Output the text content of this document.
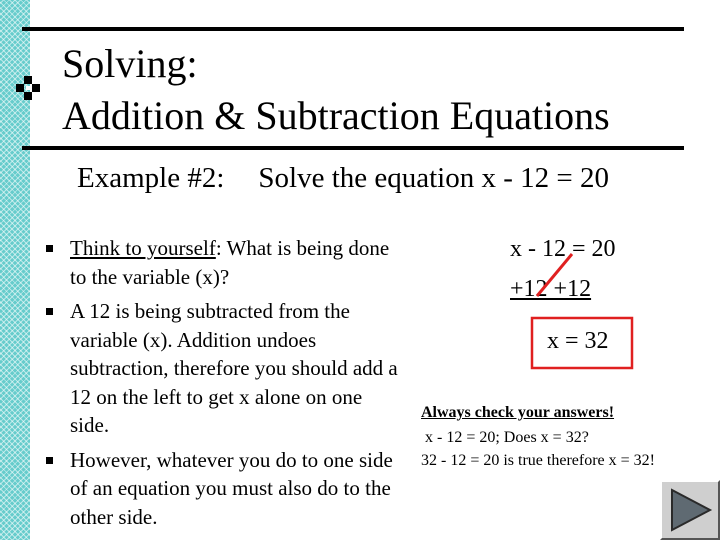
Solving:
Addition & Subtraction Equations
Example #2: Solve the equation x - 12 = 20
Think to yourself: What is being done to the variable (x)?
A 12 is being subtracted from the variable (x). Addition undoes subtraction, therefore you should add a 12 on the left to get x alone on one side.
However, whatever you do to one side of an equation you must also do to the other side.
x - 12 = 20
+12 +12
x = 32
Always check your answers!
x - 12 = 20; Does x = 32?
32 - 12 = 20 is true therefore x = 32!
